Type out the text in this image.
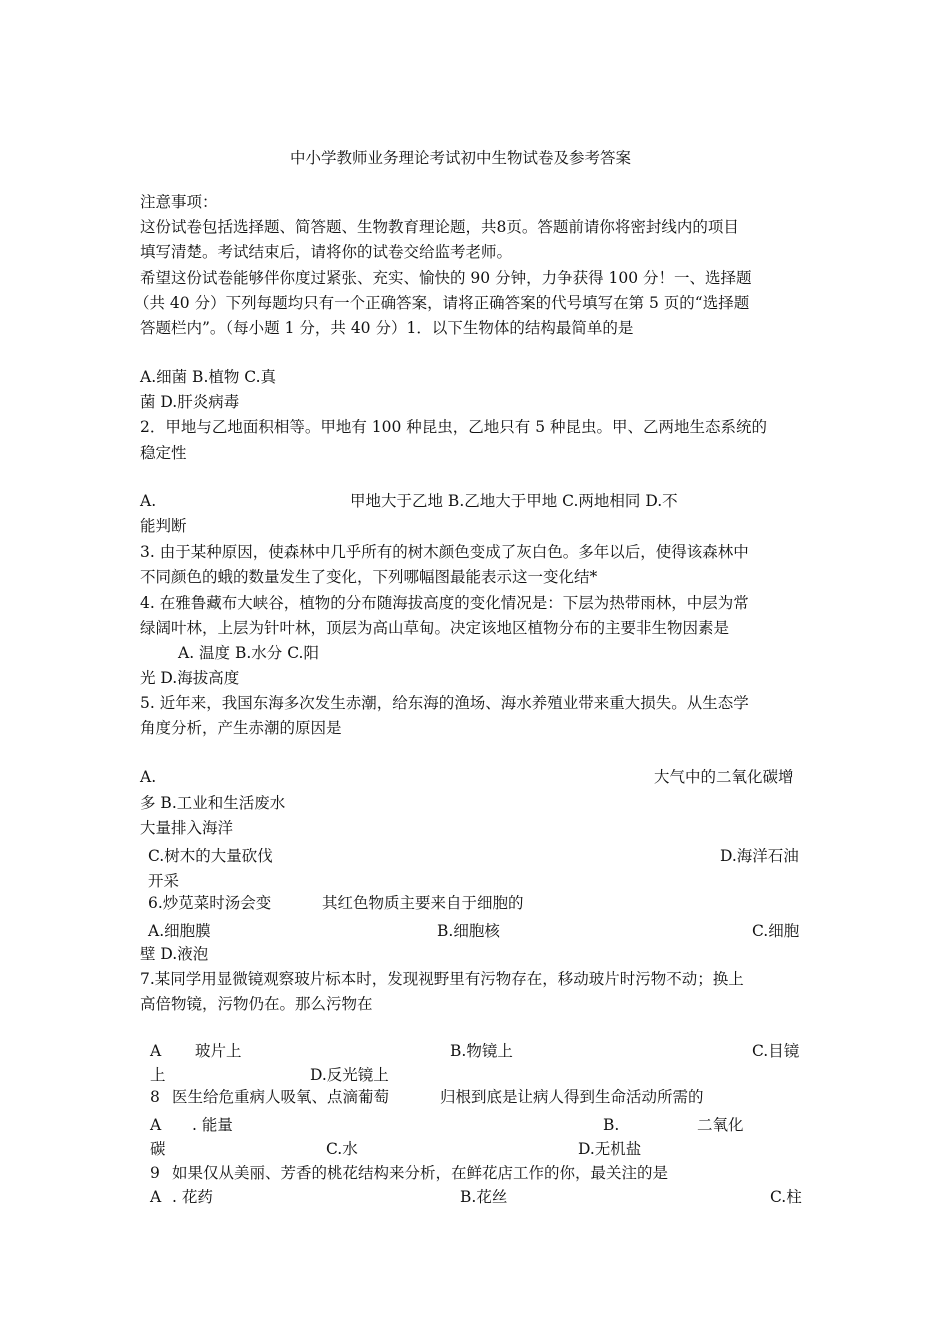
中小学教师业务理论考试初中生物试卷及参考答案
注意事项：
这份试卷包括选择题、简答题、生物教育理论题，共8页。答题前请你将密封线内的项目
填写清楚。考试结束后，请将你的试卷交给监考老师。
希望这份试卷能够伴你度过紧张、充实、愉快的 90 分钟，力争获得 100 分！一、选择题
（共 40 分）下列每题均只有一个正确答案，请将正确答案的代号填写在第 5 页的“选择题
答题栏内”。（每小题 1 分，共 40 分）1．以下生物体的结构最简单的是
A.细菌 B.植物 C.真
菌 D.肝炎病毒
2．甲地与乙地面积相等。甲地有 100 种昆虫，乙地只有 5 种昆虫。甲、乙两地生态系统的
稳定性
A.	甲地大于乙地 B.乙地大于甲地 C.两地相同 D.不
能判断
3. 由于某种原因，使森林中几乎所有的树木颜色变成了灰白色。多年以后，使得该森林中
不同颜色的蛾的数量发生了变化，下列哪幅图最能表示这一变化结*
4. 在雅鲁藏布大峡谷，植物的分布随海拔高度的变化情况是：下层为热带雨林，中层为常
绿阔叶林，上层为针叶林，顶层为高山草甸。决定该地区植物分布的主要非生物因素是
A. 温度 B.水分 C.阳
光 D.海拔高度
5. 近年来，我国东海多次发生赤潮，给东海的渔场、海水养殖业带来重大损失。从生态学
角度分析，产生赤潮的原因是
A.	大气中的二氧化碳增
多 B.工业和生活废水
大量排入海洋
C.树木的大量砍伐	D.海洋石油
开采
6.炒苋菜时汤会变	其红色物质主要来自于细胞的
A.细胞膜	B.细胞核	C.细胞
壁 D.液泡
7.某同学用显微镜观察玻片标本时，发现视野里有污物存在，移动玻片时污物不动；换上
高倍物镜，污物仍在。那么污物在
A 玻片上	B.物镜上	C.目镜
上	D.反光镜上
8 医生给危重病人吸氧、点滴葡萄	归根到底是让病人得到生命活动所需的
A . 能量	B.	二氧化
碳	C.水	D.无机盐
9 如果仅从美丽、芳香的桃花结构来分析，在鲜花店工作的你，最关注的是
A . 花药	B.花丝	C.柱
